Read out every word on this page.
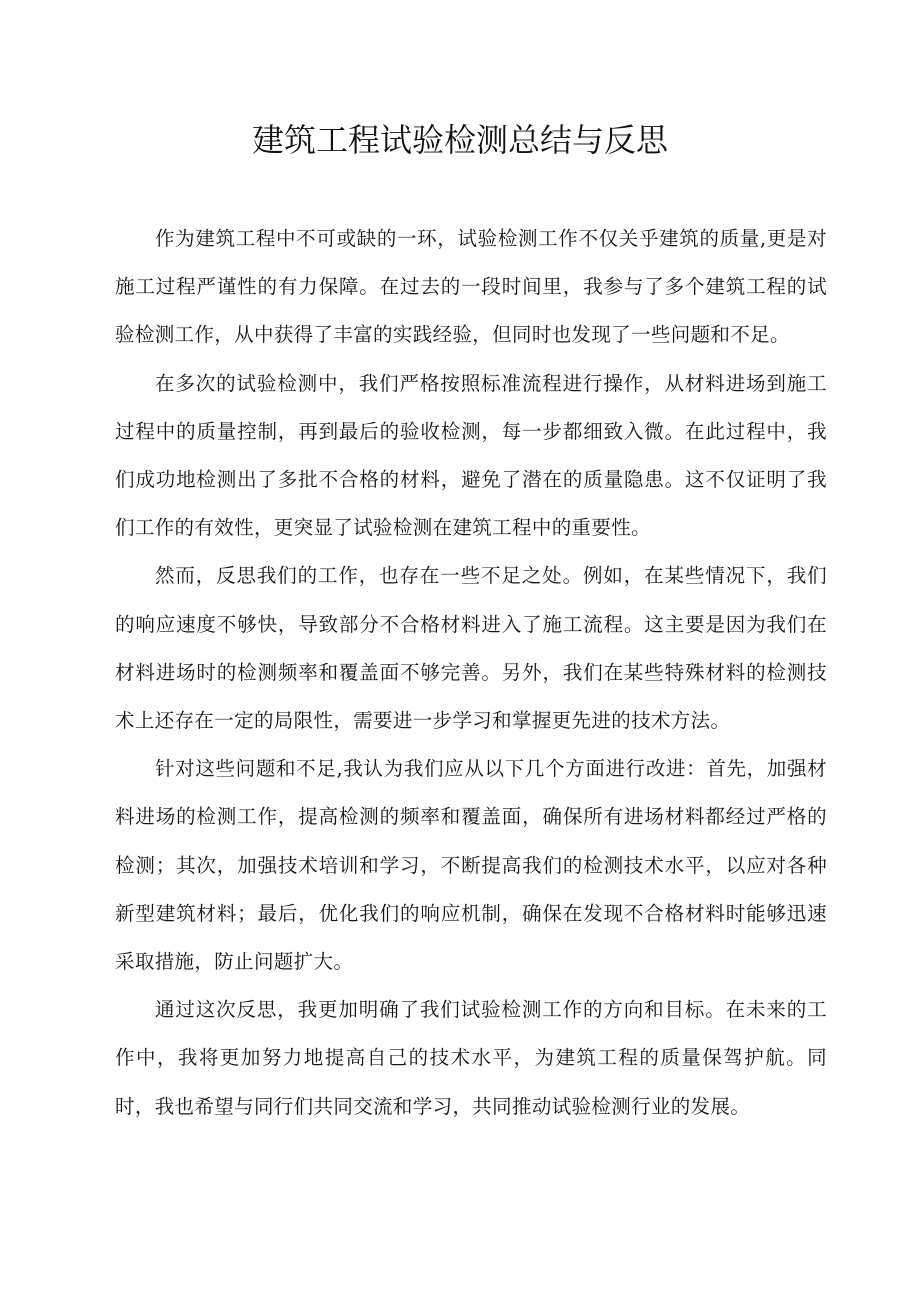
建筑工程试验检测总结与反思

作为建筑工程中不可或缺的一环，试验检测工作不仅关乎建筑的质量,更是对施工过程严谨性的有力保障。在过去的一段时间里，我参与了多个建筑工程的试验检测工作，从中获得了丰富的实践经验，但同时也发现了一些问题和不足。

在多次的试验检测中，我们严格按照标准流程进行操作，从材料进场到施工过程中的质量控制，再到最后的验收检测，每一步都细致入微。在此过程中，我们成功地检测出了多批不合格的材料，避免了潜在的质量隐患。这不仅证明了我们工作的有效性，更突显了试验检测在建筑工程中的重要性。

然而，反思我们的工作，也存在一些不足之处。例如，在某些情况下，我们的响应速度不够快，导致部分不合格材料进入了施工流程。这主要是因为我们在材料进场时的检测频率和覆盖面不够完善。另外，我们在某些特殊材料的检测技术上还存在一定的局限性，需要进一步学习和掌握更先进的技术方法。

针对这些问题和不足,我认为我们应从以下几个方面进行改进：首先，加强材料进场的检测工作，提高检测的频率和覆盖面，确保所有进场材料都经过严格的检测；其次，加强技术培训和学习，不断提高我们的检测技术水平，以应对各种新型建筑材料；最后，优化我们的响应机制，确保在发现不合格材料时能够迅速采取措施，防止问题扩大。

通过这次反思，我更加明确了我们试验检测工作的方向和目标。在未来的工作中，我将更加努力地提高自己的技术水平，为建筑工程的质量保驾护航。同时，我也希望与同行们共同交流和学习，共同推动试验检测行业的发展。
